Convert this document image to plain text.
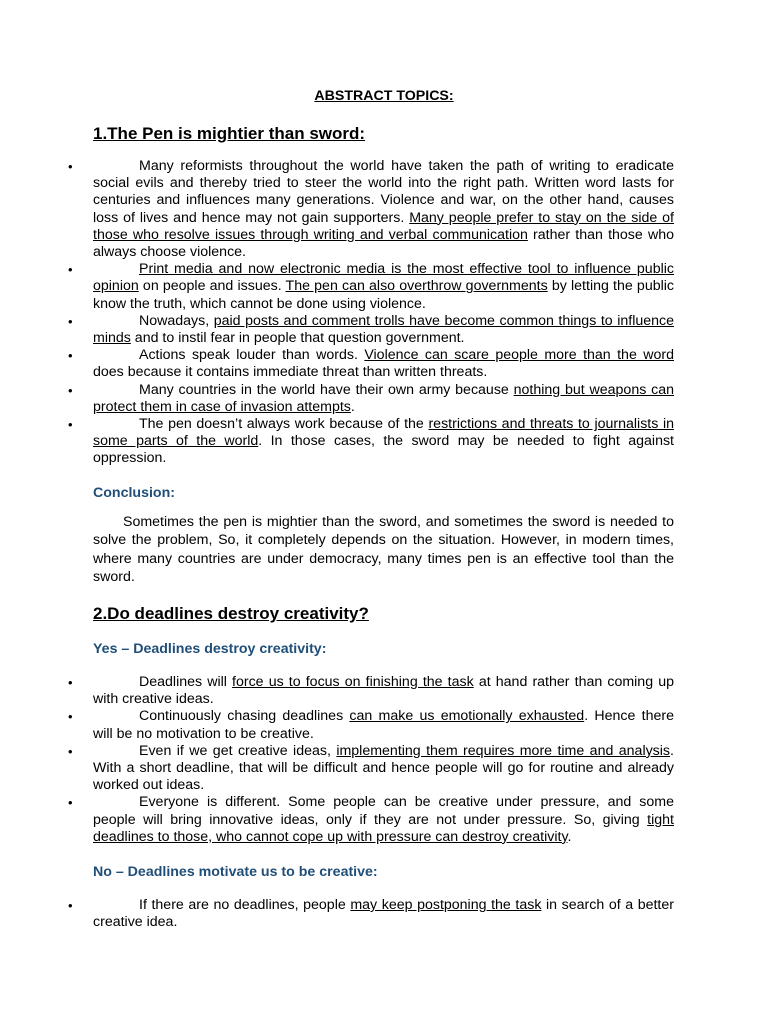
ABSTRACT TOPICS:
1.The Pen is mightier than sword:
•	Many reformists throughout the world have taken the path of writing to eradicate social evils and thereby tried to steer the world into the right path. Written word lasts for centuries and influences many generations. Violence and war, on the other hand, causes loss of lives and hence may not gain supporters. Many people prefer to stay on the side of those who resolve issues through writing and verbal communication rather than those who always choose violence.
•	Print media and now electronic media is the most effective tool to influence public opinion on people and issues. The pen can also overthrow governments by letting the public know the truth, which cannot be done using violence.
•	Nowadays, paid posts and comment trolls have become common things to influence minds and to instil fear in people that question government.
•	Actions speak louder than words. Violence can scare people more than the word does because it contains immediate threat than written threats.
•	Many countries in the world have their own army because nothing but weapons can protect them in case of invasion attempts.
•	The pen doesn’t always work because of the restrictions and threats to journalists in some parts of the world. In those cases, the sword may be needed to fight against oppression.
Conclusion:
Sometimes the pen is mightier than the sword, and sometimes the sword is needed to solve the problem, So, it completely depends on the situation. However, in modern times, where many countries are under democracy, many times pen is an effective tool than the sword.
2.Do deadlines destroy creativity?
Yes – Deadlines destroy creativity:
•	Deadlines will force us to focus on finishing the task at hand rather than coming up with creative ideas.
•	Continuously chasing deadlines can make us emotionally exhausted. Hence there will be no motivation to be creative.
•	Even if we get creative ideas, implementing them requires more time and analysis. With a short deadline, that will be difficult and hence people will go for routine and already worked out ideas.
•	Everyone is different. Some people can be creative under pressure, and some people will bring innovative ideas, only if they are not under pressure. So, giving tight deadlines to those, who cannot cope up with pressure can destroy creativity.
No – Deadlines motivate us to be creative:
•	If there are no deadlines, people may keep postponing the task in search of a better creative idea.
